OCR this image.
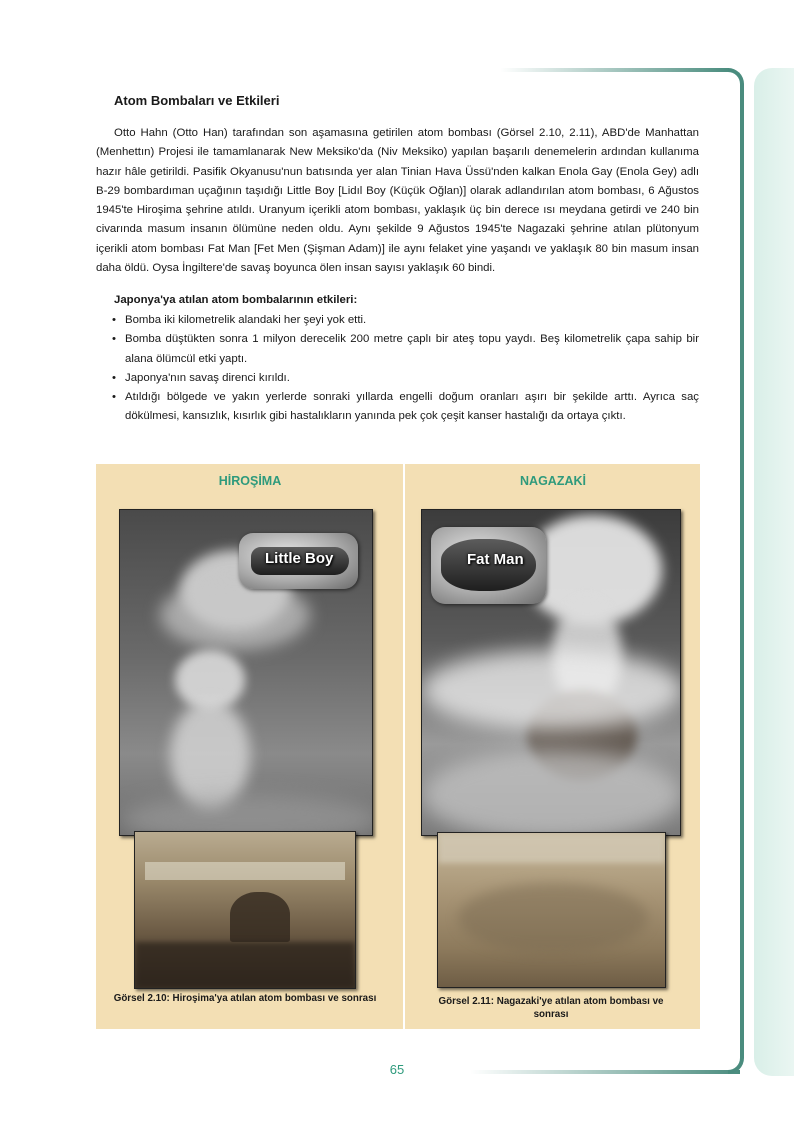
Atom Bombaları ve Etkileri

Otto Hahn (Otto Han) tarafından son aşamasına getirilen atom bombası (Görsel 2.10, 2.11), ABD'de Manhattan (Menhettın) Projesi ile tamamlanarak New Meksiko'da (Niv Meksiko) yapılan başarılı denemelerin ardından kullanıma hazır hâle getirildi. Pasifik Okyanusu'nun batısında yer alan Tinian Hava Üssü'nden kalkan Enola Gay (Enola Gey) adlı B-29 bombardıman uçağının taşıdığı Little Boy [Lidıl Boy (Küçük Oğlan)] olarak adlandırılan atom bombası, 6 Ağustos 1945'te Hiroşima şehrine atıldı. Uranyum içerikli atom bombası, yaklaşık üç bin derece ısı meydana getirdi ve 240 bin civarında masum insanın ölümüne neden oldu. Aynı şekilde 9 Ağustos 1945'te Nagazaki şehrine atılan plütonyum içerikli atom bombası Fat Man [Fet Men (Şişman Adam)] ile aynı felaket yine yaşandı ve yaklaşık 80 bin masum insan daha öldü. Oysa İngiltere'de savaş boyunca ölen insan sayısı yaklaşık 60 bindi.

Japonya'ya atılan atom bombalarının etkileri:
• Bomba iki kilometrelik alandaki her şeyi yok etti.
• Bomba düştükten sonra 1 milyon derecelik 200 metre çaplı bir ateş topu yaydı. Beş kilometrelik çapa sahip bir alana ölümcül etki yaptı.
• Japonya'nın savaş direnci kırıldı.
• Atıldığı bölgede ve yakın yerlerde sonraki yıllarda engelli doğum oranları aşırı bir şekilde arttı. Ayrıca saç dökülmesi, kansızlık, kısırlık gibi hastalıkların yanında pek çok çeşit kanser hastalığı da ortaya çıktı.
HİROŞİMA	NAGAZAKİ
Little Boy	Fat Man
Görsel 2.10: Hiroşima'ya atılan atom bombası ve sonrası	Görsel 2.11: Nagazaki'ye atılan atom bombası ve sonrası
65
